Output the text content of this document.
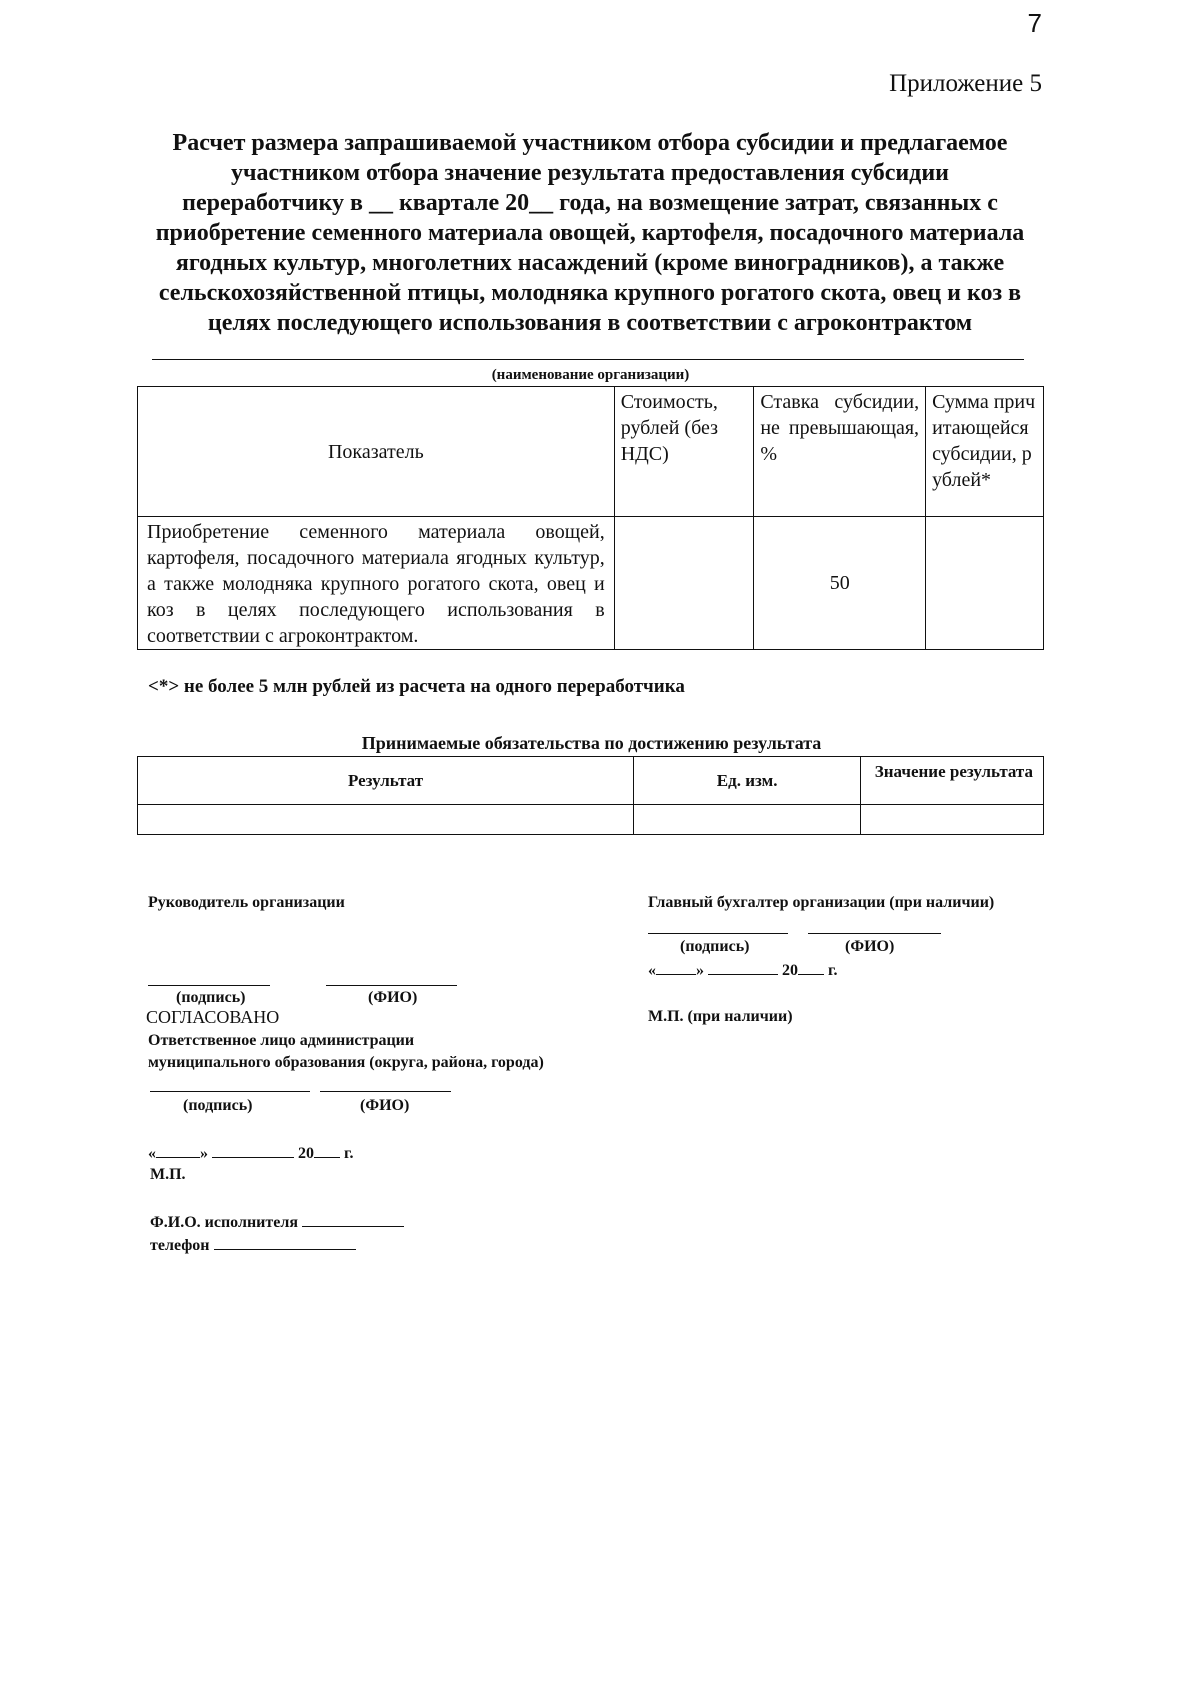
7
Приложение 5
Расчет размера запрашиваемой участником отбора субсидии и предлагаемое
участником отбора значение результата предоставления субсидии
переработчику в __ квартале 20__ года, на возмещение затрат, связанных с
приобретение семенного материала овощей, картофеля, посадочного материала
ягодных культур, многолетних насаждений (кроме виноградников), а также
сельскохозяйственной птицы, молодняка крупного рогатого скота, овец и коз в
целях последующего использования в соответствии с агроконтрактом
(наименование организации)
Показатель	Стоимость, рублей (без НДС)	Ставка субсидии, не превышающая, %	Сумма причитающейся субсидии, рублей*
Приобретение семенного материала овощей, картофеля, посадочного материала ягодных культур, а также молодняка крупного рогатого скота, овец и коз в целях последующего использования в соответствии с агроконтрактом.		50	
<*> не более 5 млн рублей из расчета на одного переработчика
Принимаемые обязательства по достижению результата
Результат	Ед. изм.	Значение результата

Руководитель организации
(подпись)	(ФИО)
СОГЛАСОВАНО
Ответственное лицо администрации
муниципального образования (округа, района, города)
(подпись)	(ФИО)
«	»	20 г.
М.П.
Ф.И.О. исполнителя
телефон
Главный бухгалтер организации (при наличии)
(подпись)	(ФИО)
«	»	20 г.
М.П. (при наличии)
